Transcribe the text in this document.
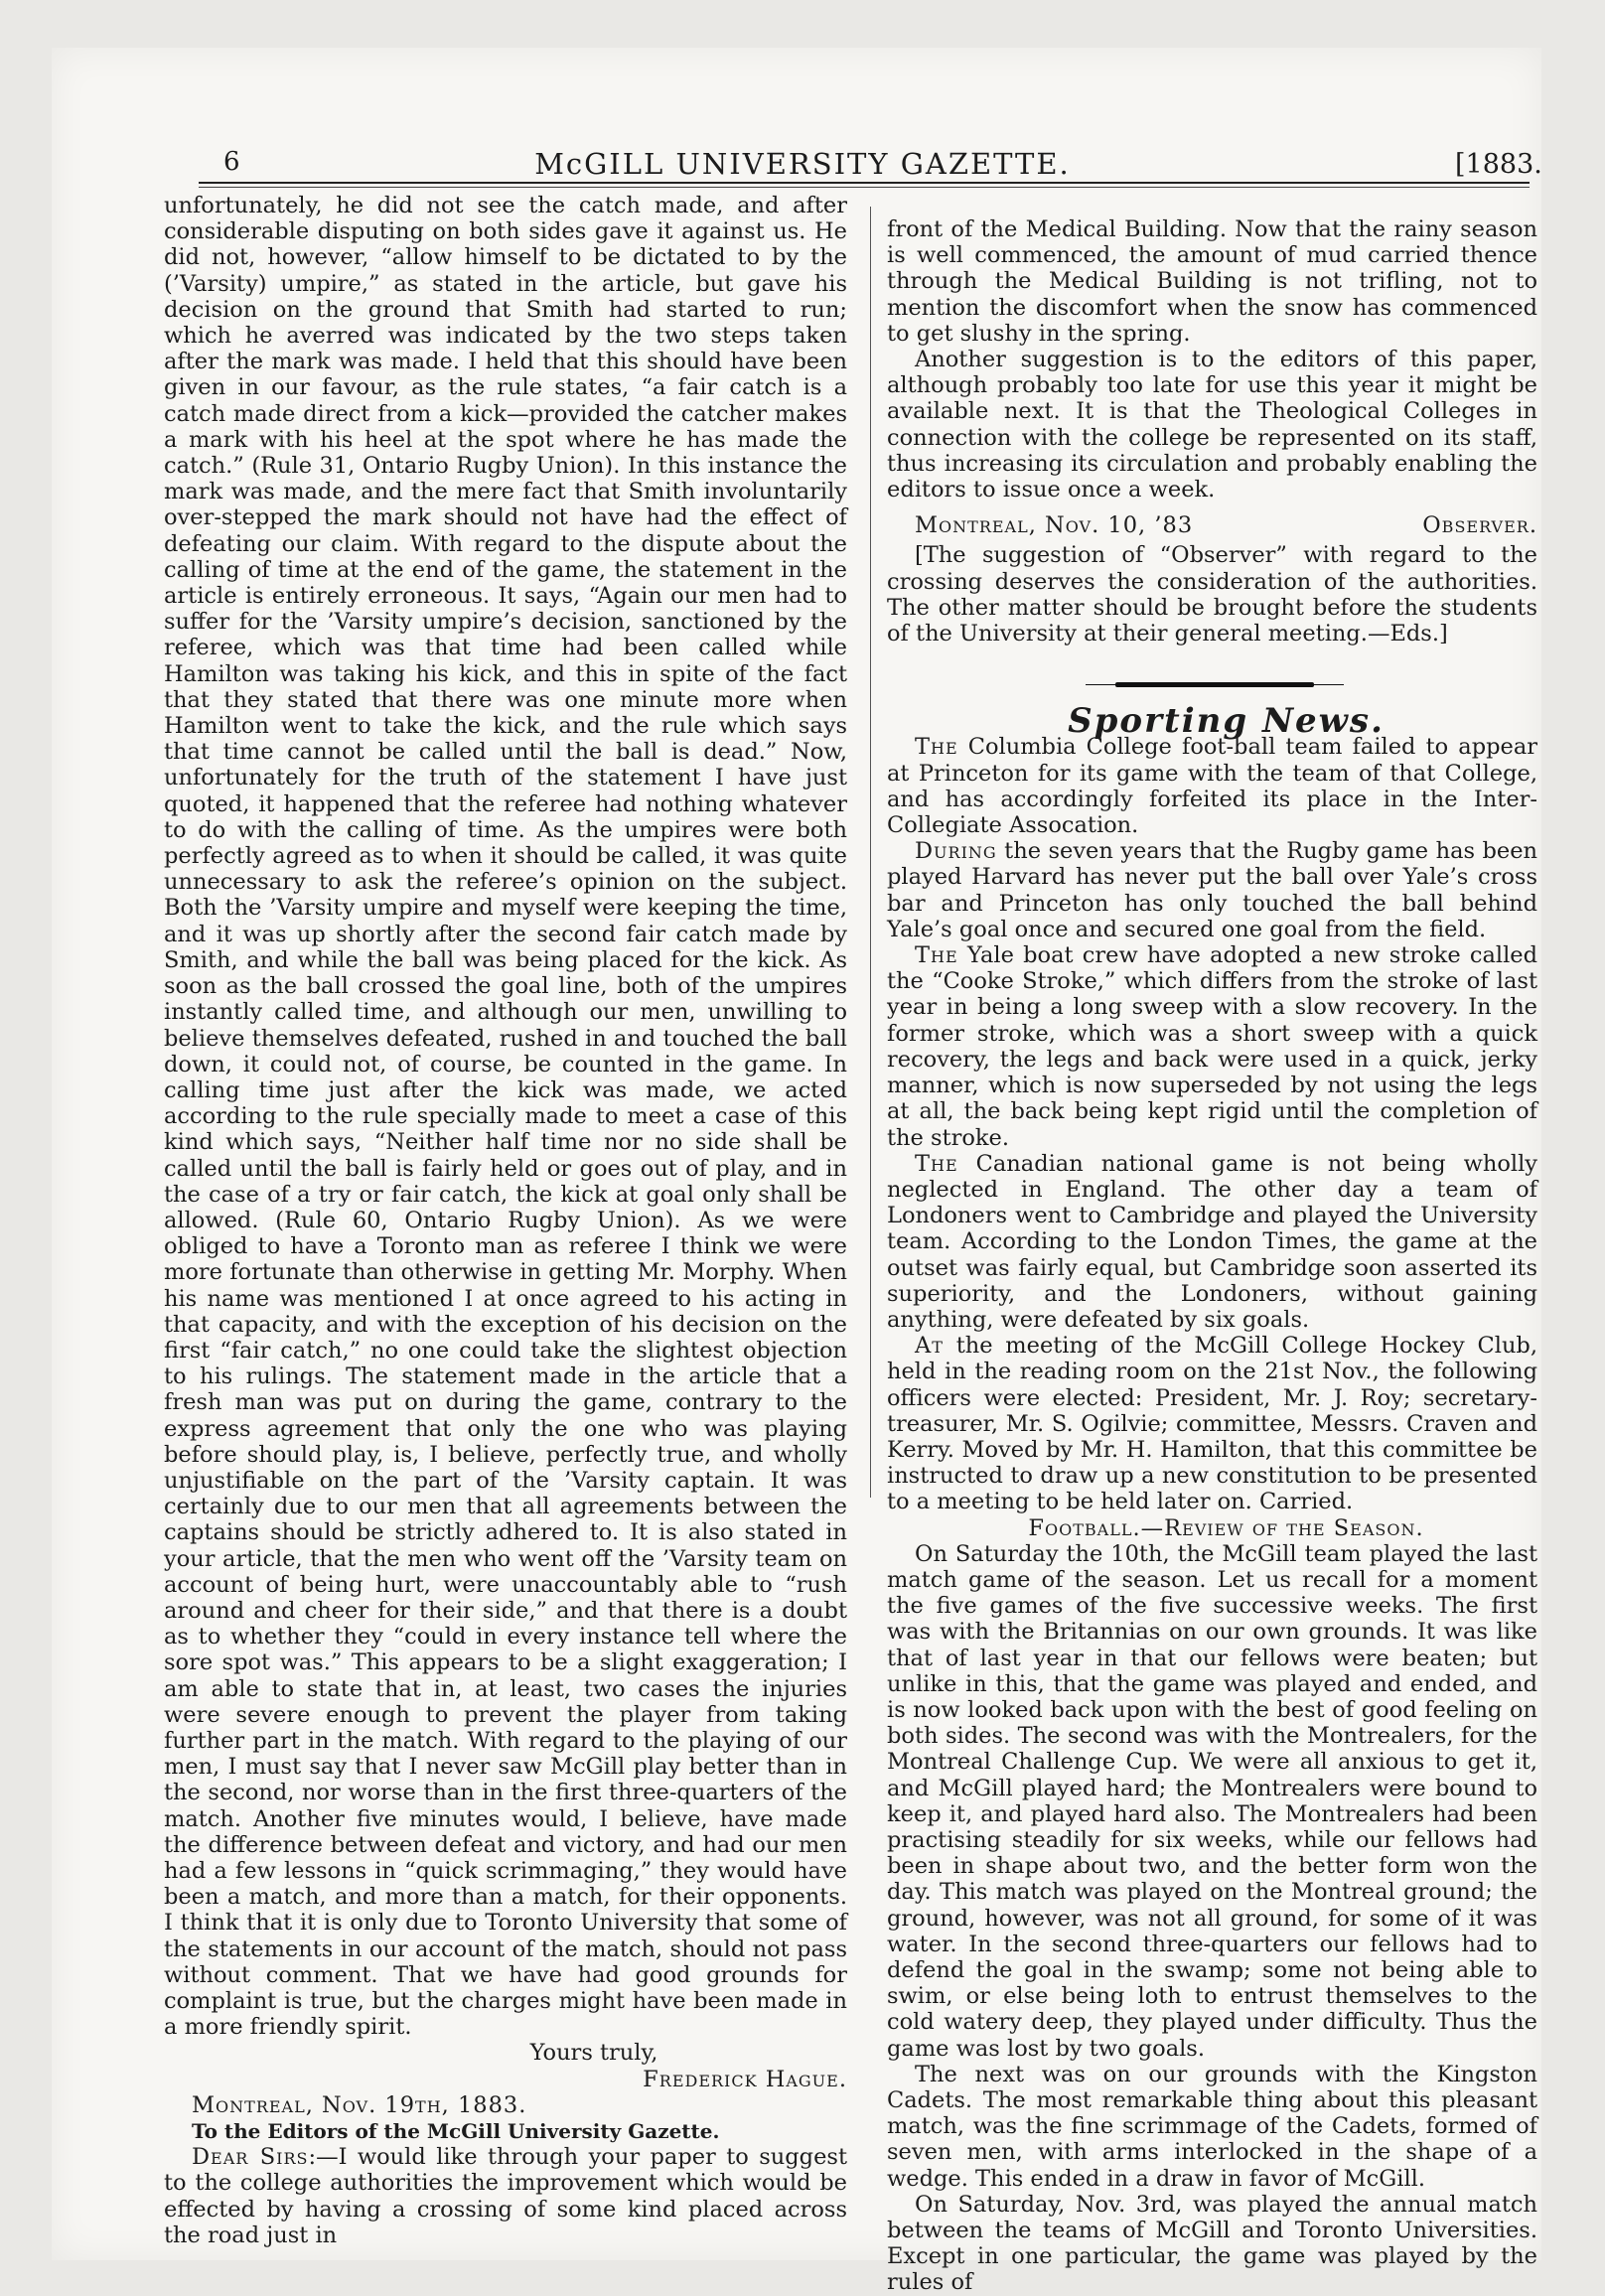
6	McGILL UNIVERSITY GAZETTE.	[1883.

unfortunately, he did not see the catch made, and after considerable disputing on both sides gave it against us. He did not, however, “allow himself to be dictated to by the (’Varsity) umpire,” as stated in the article, but gave his decision on the ground that Smith had started to run; which he averred was indicated by the two steps taken after the mark was made. I held that this should have been given in our favour, as the rule states, “a fair catch is a catch made direct from a kick—provided the catcher makes a mark with his heel at the spot where he has made the catch.” (Rule 31, Ontario Rugby Union). In this instance the mark was made, and the mere fact that Smith involuntarily over-stepped the mark should not have had the effect of defeating our claim. With regard to the dispute about the calling of time at the end of the game, the statement in the article is entirely erroneous. It says, “Again our men had to suffer for the ’Varsity umpire’s decision, sanctioned by the referee, which was that time had been called while Hamilton was taking his kick, and this in spite of the fact that they stated that there was one minute more when Hamilton went to take the kick, and the rule which says that time cannot be called until the ball is dead.” Now, unfortunately for the truth of the statement I have just quoted, it happened that the referee had nothing whatever to do with the calling of time. As the umpires were both perfectly agreed as to when it should be called, it was quite unnecessary to ask the referee’s opinion on the subject. Both the ’Varsity umpire and myself were keeping the time, and it was up shortly after the second fair catch made by Smith, and while the ball was being placed for the kick. As soon as the ball crossed the goal line, both of the umpires instantly called time, and although our men, unwilling to believe themselves defeated, rushed in and touched the ball down, it could not, of course, be counted in the game. In calling time just after the kick was made, we acted according to the rule specially made to meet a case of this kind which says, “Neither half time nor no side shall be called until the ball is fairly held or goes out of play, and in the case of a try or fair catch, the kick at goal only shall be allowed. (Rule 60, Ontario Rugby Union). As we were obliged to have a Toronto man as referee I think we were more fortunate than otherwise in getting Mr. Morphy. When his name was mentioned I at once agreed to his acting in that capacity, and with the exception of his decision on the first “fair catch,” no one could take the slightest objection to his rulings. The statement made in the article that a fresh man was put on during the game, contrary to the express agreement that only the one who was playing before should play, is, I believe, perfectly true, and wholly unjustifiable on the part of the ’Varsity captain. It was certainly due to our men that all agreements between the captains should be strictly adhered to. It is also stated in your article, that the men who went off the ’Varsity team on account of being hurt, were unaccountably able to “rush around and cheer for their side,” and that there is a doubt as to whether they “could in every instance tell where the sore spot was.” This appears to be a slight exaggeration; I am able to state that in, at least, two cases the injuries were severe enough to prevent the player from taking further part in the match. With regard to the playing of our men, I must say that I never saw McGill play better than in the second, nor worse than in the first three-quarters of the match. Another five minutes would, I believe, have made the difference between defeat and victory, and had our men had a few lessons in “quick scrimmaging,” they would have been a match, and more than a match, for their opponents. I think that it is only due to Toronto University that some of the statements in our account of the match, should not pass without comment. That we have had good grounds for complaint is true, but the charges might have been made in a more friendly spirit.

Yours truly,

Frederick Hague.

Montreal, Nov. 19th, 1883.

To the Editors of the McGill University Gazette.

Dear Sirs:—I would like through your paper to suggest to the college authorities the improvement which would be effected by having a crossing of some kind placed across the road just in

front of the Medical Building. Now that the rainy season is well commenced, the amount of mud carried thence through the Medical Building is not trifling, not to mention the discomfort when the snow has commenced to get slushy in the spring.

Another suggestion is to the editors of this paper, although probably too late for use this year it might be available next. It is that the Theological Colleges in connection with the college be represented on its staff, thus increasing its circulation and probably enabling the editors to issue once a week.

Montreal, Nov. 10, ’83	Observer.

[The suggestion of “Observer” with regard to the crossing deserves the consideration of the authorities. The other matter should be brought before the students of the University at their general meeting.—Eds.]

Sporting News.

The Columbia College foot-ball team failed to appear at Princeton for its game with the team of that College, and has accordingly forfeited its place in the Inter-Collegiate Assocation.

During the seven years that the Rugby game has been played Harvard has never put the ball over Yale’s cross bar and Princeton has only touched the ball behind Yale’s goal once and secured one goal from the field.

The Yale boat crew have adopted a new stroke called the “Cooke Stroke,” which differs from the stroke of last year in being a long sweep with a slow recovery. In the former stroke, which was a short sweep with a quick recovery, the legs and back were used in a quick, jerky manner, which is now superseded by not using the legs at all, the back being kept rigid until the completion of the stroke.

The Canadian national game is not being wholly neglected in England. The other day a team of Londoners went to Cambridge and played the University team. According to the London Times, the game at the outset was fairly equal, but Cambridge soon asserted its superiority, and the Londoners, without gaining anything, were defeated by six goals.

At the meeting of the McGill College Hockey Club, held in the reading room on the 21st Nov., the following officers were elected: President, Mr. J. Roy; secretary-treasurer, Mr. S. Ogilvie; committee, Messrs. Craven and Kerry. Moved by Mr. H. Hamilton, that this committee be instructed to draw up a new constitution to be presented to a meeting to be held later on. Carried.

Football.—Review of the Season.

On Saturday the 10th, the McGill team played the last match game of the season. Let us recall for a moment the five games of the five successive weeks. The first was with the Britannias on our own grounds. It was like that of last year in that our fellows were beaten; but unlike in this, that the game was played and ended, and is now looked back upon with the best of good feeling on both sides. The second was with the Montrealers, for the Montreal Challenge Cup. We were all anxious to get it, and McGill played hard; the Montrealers were bound to keep it, and played hard also. The Montrealers had been practising steadily for six weeks, while our fellows had been in shape about two, and the better form won the day. This match was played on the Montreal ground; the ground, however, was not all ground, for some of it was water. In the second three-quarters our fellows had to defend the goal in the swamp; some not being able to swim, or else being loth to entrust themselves to the cold watery deep, they played under difficulty. Thus the game was lost by two goals.

The next was on our grounds with the Kingston Cadets. The most remarkable thing about this pleasant match, was the fine scrimmage of the Cadets, formed of seven men, with arms interlocked in the shape of a wedge. This ended in a draw in favor of McGill.

On Saturday, Nov. 3rd, was played the annual match between the teams of McGill and Toronto Universities. Except in one particular, the game was played by the rules of
